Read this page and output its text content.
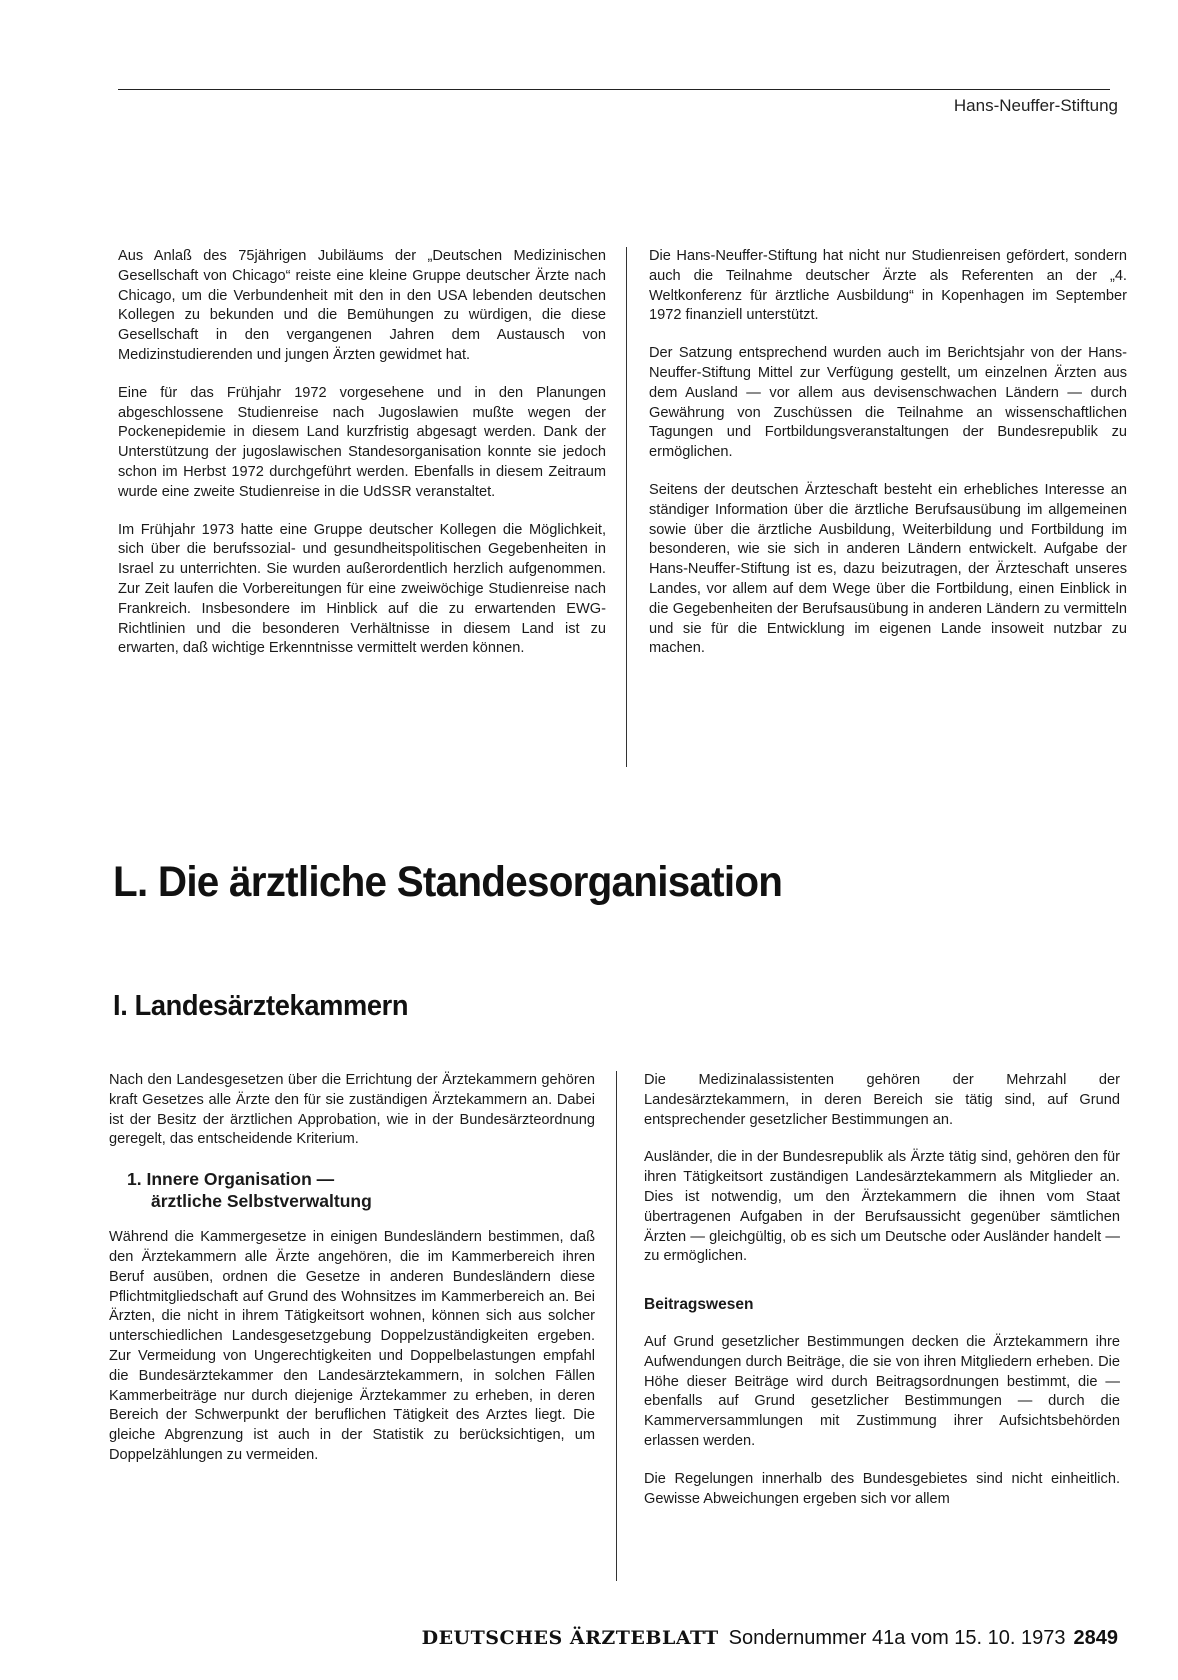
Hans-Neuffer-Stiftung

Aus Anlaß des 75jährigen Jubiläums der „Deutschen Medizinischen Gesellschaft von Chicago“ reiste eine kleine Gruppe deutscher Ärzte nach Chicago, um die Verbundenheit mit den in den USA lebenden deutschen Kollegen zu bekunden und die Bemühungen zu würdigen, die diese Gesellschaft in den vergangenen Jahren dem Austausch von Medizinstudierenden und jungen Ärzten gewidmet hat.

Eine für das Frühjahr 1972 vorgesehene und in den Planungen abgeschlossene Studienreise nach Jugoslawien mußte wegen der Pockenepidemie in diesem Land kurzfristig abgesagt werden. Dank der Unterstützung der jugoslawischen Standesorganisation konnte sie jedoch schon im Herbst 1972 durchgeführt werden. Ebenfalls in diesem Zeitraum wurde eine zweite Studienreise in die UdSSR veranstaltet.

Im Frühjahr 1973 hatte eine Gruppe deutscher Kollegen die Möglichkeit, sich über die berufssozial- und gesundheitspolitischen Gegebenheiten in Israel zu unterrichten. Sie wurden außerordentlich herzlich aufgenommen. Zur Zeit laufen die Vorbereitungen für eine zweiwöchige Studienreise nach Frankreich. Insbesondere im Hinblick auf die zu erwartenden EWG-Richtlinien und die besonderen Verhältnisse in diesem Land ist zu erwarten, daß wichtige Erkenntnisse vermittelt werden können.

Die Hans-Neuffer-Stiftung hat nicht nur Studienreisen gefördert, sondern auch die Teilnahme deutscher Ärzte als Referenten an der „4. Weltkonferenz für ärztliche Ausbildung“ in Kopenhagen im September 1972 finanziell unterstützt.

Der Satzung entsprechend wurden auch im Berichtsjahr von der Hans-Neuffer-Stiftung Mittel zur Verfügung gestellt, um einzelnen Ärzten aus dem Ausland — vor allem aus devisenschwachen Ländern — durch Gewährung von Zuschüssen die Teilnahme an wissenschaftlichen Tagungen und Fortbildungsveranstaltungen der Bundesrepublik zu ermöglichen.

Seitens der deutschen Ärzteschaft besteht ein erhebliches Interesse an ständiger Information über die ärztliche Berufsausübung im allgemeinen sowie über die ärztliche Ausbildung, Weiterbildung und Fortbildung im besonderen, wie sie sich in anderen Ländern entwickelt. Aufgabe der Hans-Neuffer-Stiftung ist es, dazu beizutragen, der Ärzteschaft unseres Landes, vor allem auf dem Wege über die Fortbildung, einen Einblick in die Gegebenheiten der Berufsausübung in anderen Ländern zu vermitteln und sie für die Entwicklung im eigenen Lande insoweit nutzbar zu machen.

L. Die ärztliche Standesorganisation
I. Landesärztekammern

Nach den Landesgesetzen über die Errichtung der Ärztekammern gehören kraft Gesetzes alle Ärzte den für sie zuständigen Ärztekammern an. Dabei ist der Besitz der ärztlichen Approbation, wie in der Bundesärzteordnung geregelt, das entscheidende Kriterium.

1. Innere Organisation —
ärztliche Selbstverwaltung

Während die Kammergesetze in einigen Bundesländern bestimmen, daß den Ärztekammern alle Ärzte angehören, die im Kammerbereich ihren Beruf ausüben, ordnen die Gesetze in anderen Bundesländern diese Pflichtmitgliedschaft auf Grund des Wohnsitzes im Kammerbereich an. Bei Ärzten, die nicht in ihrem Tätigkeitsort wohnen, können sich aus solcher unterschiedlichen Landesgesetzgebung Doppelzuständigkeiten ergeben. Zur Vermeidung von Ungerechtigkeiten und Doppelbelastungen empfahl die Bundesärztekammer den Landesärztekammern, in solchen Fällen Kammerbeiträge nur durch diejenige Ärztekammer zu erheben, in deren Bereich der Schwerpunkt der beruflichen Tätigkeit des Arztes liegt. Die gleiche Abgrenzung ist auch in der Statistik zu berücksichtigen, um Doppelzählungen zu vermeiden.

Die Medizinalassistenten gehören der Mehrzahl der Landesärztekammern, in deren Bereich sie tätig sind, auf Grund entsprechender gesetzlicher Bestimmungen an.

Ausländer, die in der Bundesrepublik als Ärzte tätig sind, gehören den für ihren Tätigkeitsort zuständigen Landesärztekammern als Mitglieder an. Dies ist notwendig, um den Ärztekammern die ihnen vom Staat übertragenen Aufgaben in der Berufsaussicht gegenüber sämtlichen Ärzten — gleichgültig, ob es sich um Deutsche oder Ausländer handelt — zu ermöglichen.

Beitragswesen

Auf Grund gesetzlicher Bestimmungen decken die Ärztekammern ihre Aufwendungen durch Beiträge, die sie von ihren Mitgliedern erheben. Die Höhe dieser Beiträge wird durch Beitragsordnungen bestimmt, die — ebenfalls auf Grund gesetzlicher Bestimmungen — durch die Kammerversammlungen mit Zustimmung ihrer Aufsichtsbehörden erlassen werden.

Die Regelungen innerhalb des Bundesgebietes sind nicht einheitlich. Gewisse Abweichungen ergeben sich vor allem

DEUTSCHES ÄRZTEBLATT Sondernummer 41a vom 15. 10. 1973 2849
